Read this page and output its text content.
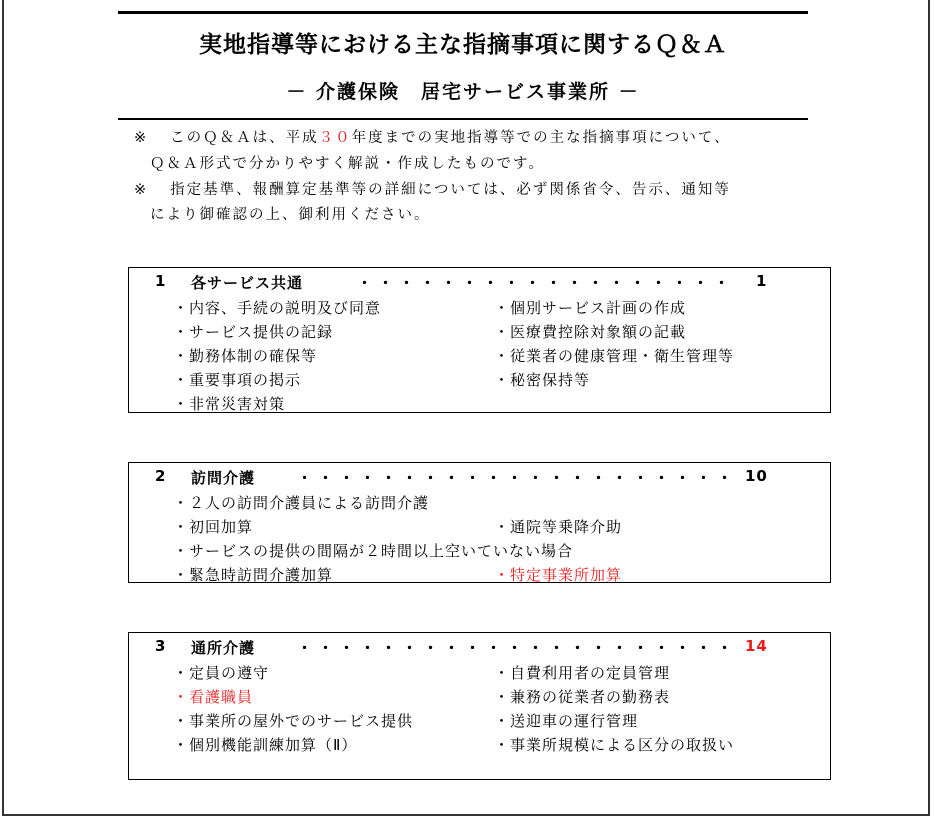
実地指導等における主な指摘事項に関するＱ＆Ａ
－ 介護保険　居宅サービス事業所 －
※ このＱ＆Ａは、平成３０年度までの実地指導等での主な指摘事項について、
Ｑ＆Ａ形式で分かりやすく解説・作成したものです。
※ 指定基準、報酬算定基準等の詳細については、必ず関係省令、告示、通知等
により御確認の上、御利用ください。
1 各サービス共通	・・・・・・・・・・・・・・・・・・ 1
・内容、手続の説明及び同意	・個別サービス計画の作成
・サービス提供の記録	・医療費控除対象額の記載
・勤務体制の確保等	・従業者の健康管理・衛生管理等
・重要事項の掲示	・秘密保持等
・非常災害対策
2 訪問介護	・・・・・・・・・・・・・・・・・・・・・ 10
・２人の訪問介護員による訪問介護
・初回加算	・通院等乗降介助
・サービスの提供の間隔が２時間以上空いていない場合
・緊急時訪問介護加算	・特定事業所加算
3 通所介護	・・・・・・・・・・・・・・・・・・・・・ 14
・定員の遵守	・自費利用者の定員管理
・看護職員	・兼務の従業者の勤務表
・事業所の屋外でのサービス提供	・送迎車の運行管理
・個別機能訓練加算（Ⅱ）	・事業所規模による区分の取扱い
